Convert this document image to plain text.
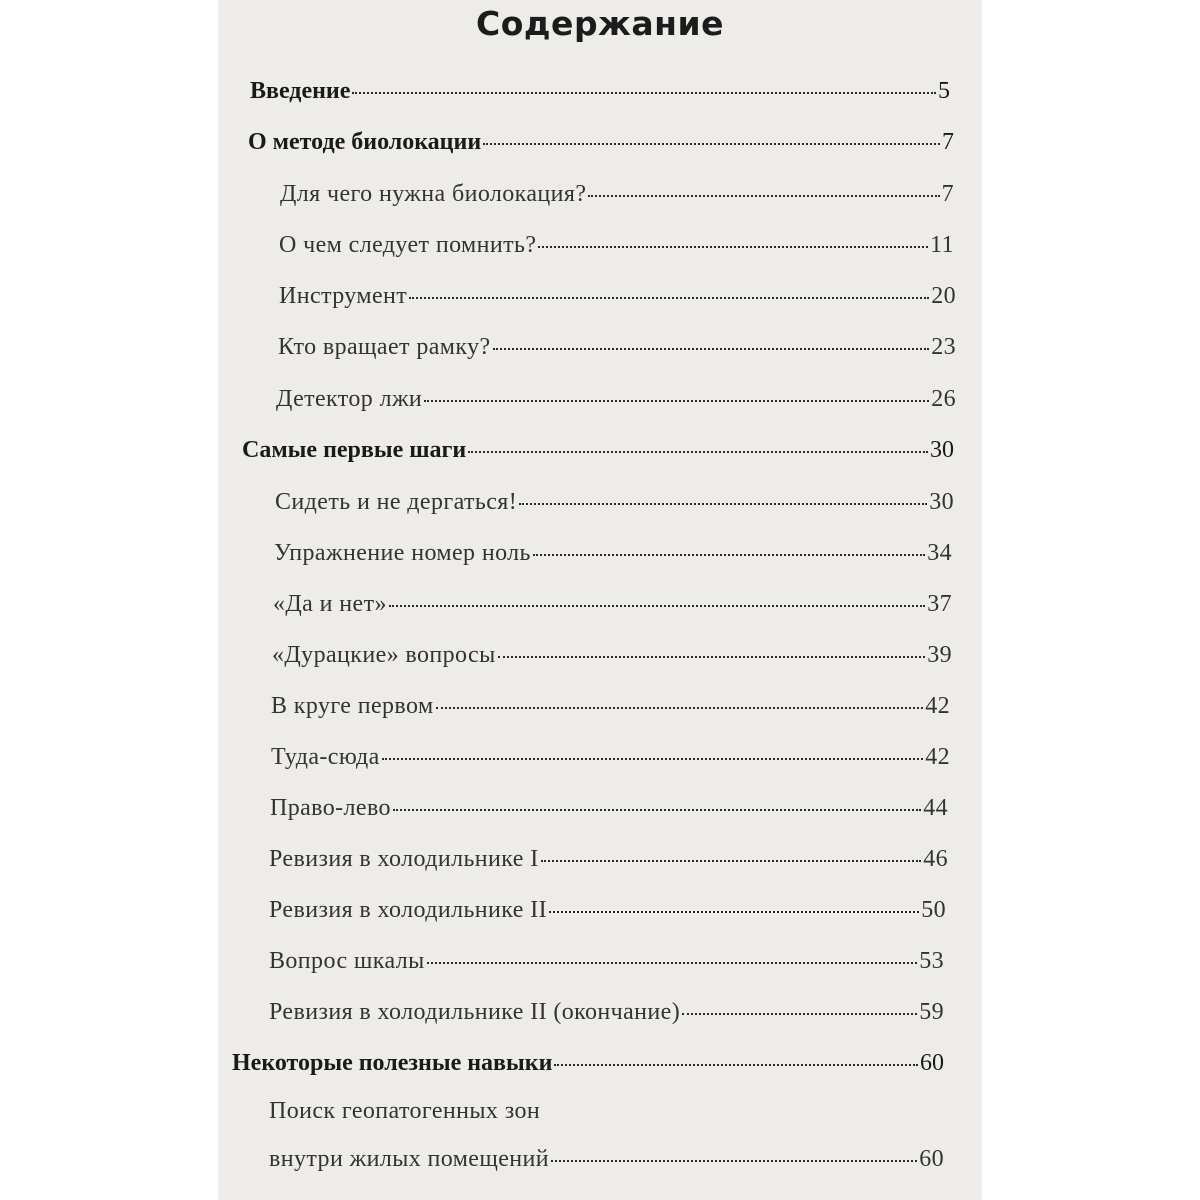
Содержание
Введение	5
О методе биолокации	7
Для чего нужна биолокация?	7
О чем следует помнить?	11
Инструмент	20
Кто вращает рамку?	23
Детектор лжи	26
Самые первые шаги	30
Сидеть и не дергаться!	30
Упражнение номер ноль	34
«Да и нет»	37
«Дурацкие» вопросы	39
В круге первом	42
Туда-сюда	42
Право-лево	44
Ревизия в холодильнике I	46
Ревизия в холодильнике II	50
Вопрос шкалы	53
Ревизия в холодильнике II (окончание)	59
Некоторые полезные навыки	60
Поиск геопатогенных зон
внутри жилых помещений	60
